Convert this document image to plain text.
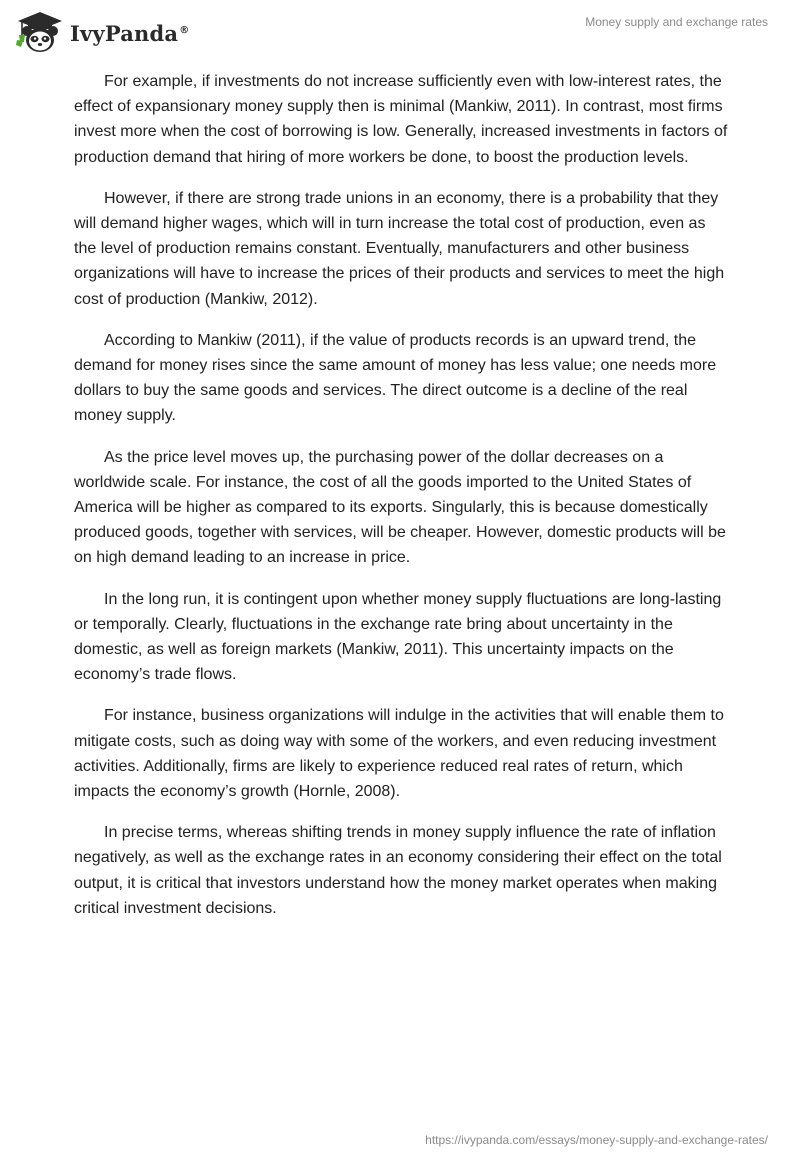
IvyPanda®
Money supply and exchange rates

For example, if investments do not increase sufficiently even with low-interest rates, the effect of expansionary money supply then is minimal (Mankiw, 2011). In contrast, most firms invest more when the cost of borrowing is low. Generally, increased investments in factors of production demand that hiring of more workers be done, to boost the production levels.

However, if there are strong trade unions in an economy, there is a probability that they will demand higher wages, which will in turn increase the total cost of production, even as the level of production remains constant. Eventually, manufacturers and other business organizations will have to increase the prices of their products and services to meet the high cost of production (Mankiw, 2012).

According to Mankiw (2011), if the value of products records is an upward trend, the demand for money rises since the same amount of money has less value; one needs more dollars to buy the same goods and services. The direct outcome is a decline of the real money supply.

As the price level moves up, the purchasing power of the dollar decreases on a worldwide scale. For instance, the cost of all the goods imported to the United States of America will be higher as compared to its exports. Singularly, this is because domestically produced goods, together with services, will be cheaper. However, domestic products will be on high demand leading to an increase in price.

In the long run, it is contingent upon whether money supply fluctuations are long-lasting or temporally. Clearly, fluctuations in the exchange rate bring about uncertainty in the domestic, as well as foreign markets (Mankiw, 2011). This uncertainty impacts on the economy’s trade flows.

For instance, business organizations will indulge in the activities that will enable them to mitigate costs, such as doing way with some of the workers, and even reducing investment activities. Additionally, firms are likely to experience reduced real rates of return, which impacts the economy’s growth (Hornle, 2008).

In precise terms, whereas shifting trends in money supply influence the rate of inflation negatively, as well as the exchange rates in an economy considering their effect on the total output, it is critical that investors understand how the money market operates when making critical investment decisions.

https://ivypanda.com/essays/money-supply-and-exchange-rates/
